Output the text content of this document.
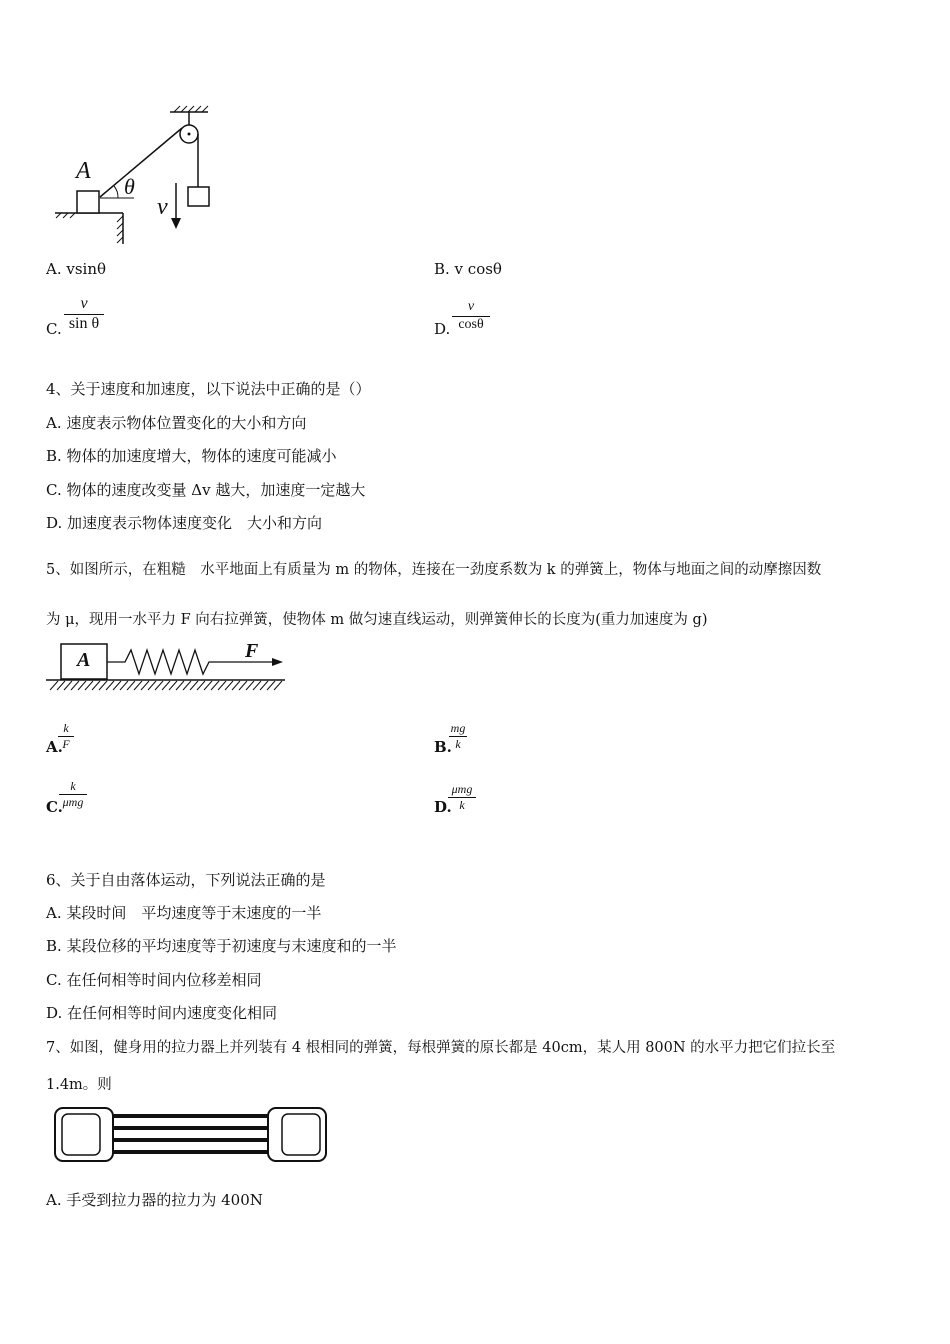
A
θ
v
A. vsinθ	B. v cosθ
C.
v
sin θ	D.
v
cosθ
4、关于速度和加速度，以下说法中正确的是（）
A. 速度表示物体位置变化的大小和方向
B. 物体的加速度增大，物体的速度可能减小
C. 物体的速度改变量 Δv 越大，加速度一定越大
D. 加速度表示物体速度变化　大小和方向
5、如图所示，在粗糙　水平地面上有质量为 m 的物体，连接在一劲度系数为 k 的弹簧上，物体与地面之间的动摩擦因数
为 μ，现用一水平力 F 向右拉弹簧，使物体 m 做匀速直线运动，则弹簧伸长的长度为(重力加速度为 g)
A	F
A.
k
F	B.
mg
k
C.
k
μmg	D.
μmg
k
6、关于自由落体运动，下列说法正确的是
A. 某段时间　平均速度等于末速度的一半
B. 某段位移的平均速度等于初速度与末速度和的一半
C. 在任何相等时间内位移差相同
D. 在任何相等时间内速度变化相同
7、如图，健身用的拉力器上并列装有 4 根相同的弹簧，每根弹簧的原长都是 40cm，某人用 800N 的水平力把它们拉长至
1.4m。则
A. 手受到拉力器的拉力为 400N
